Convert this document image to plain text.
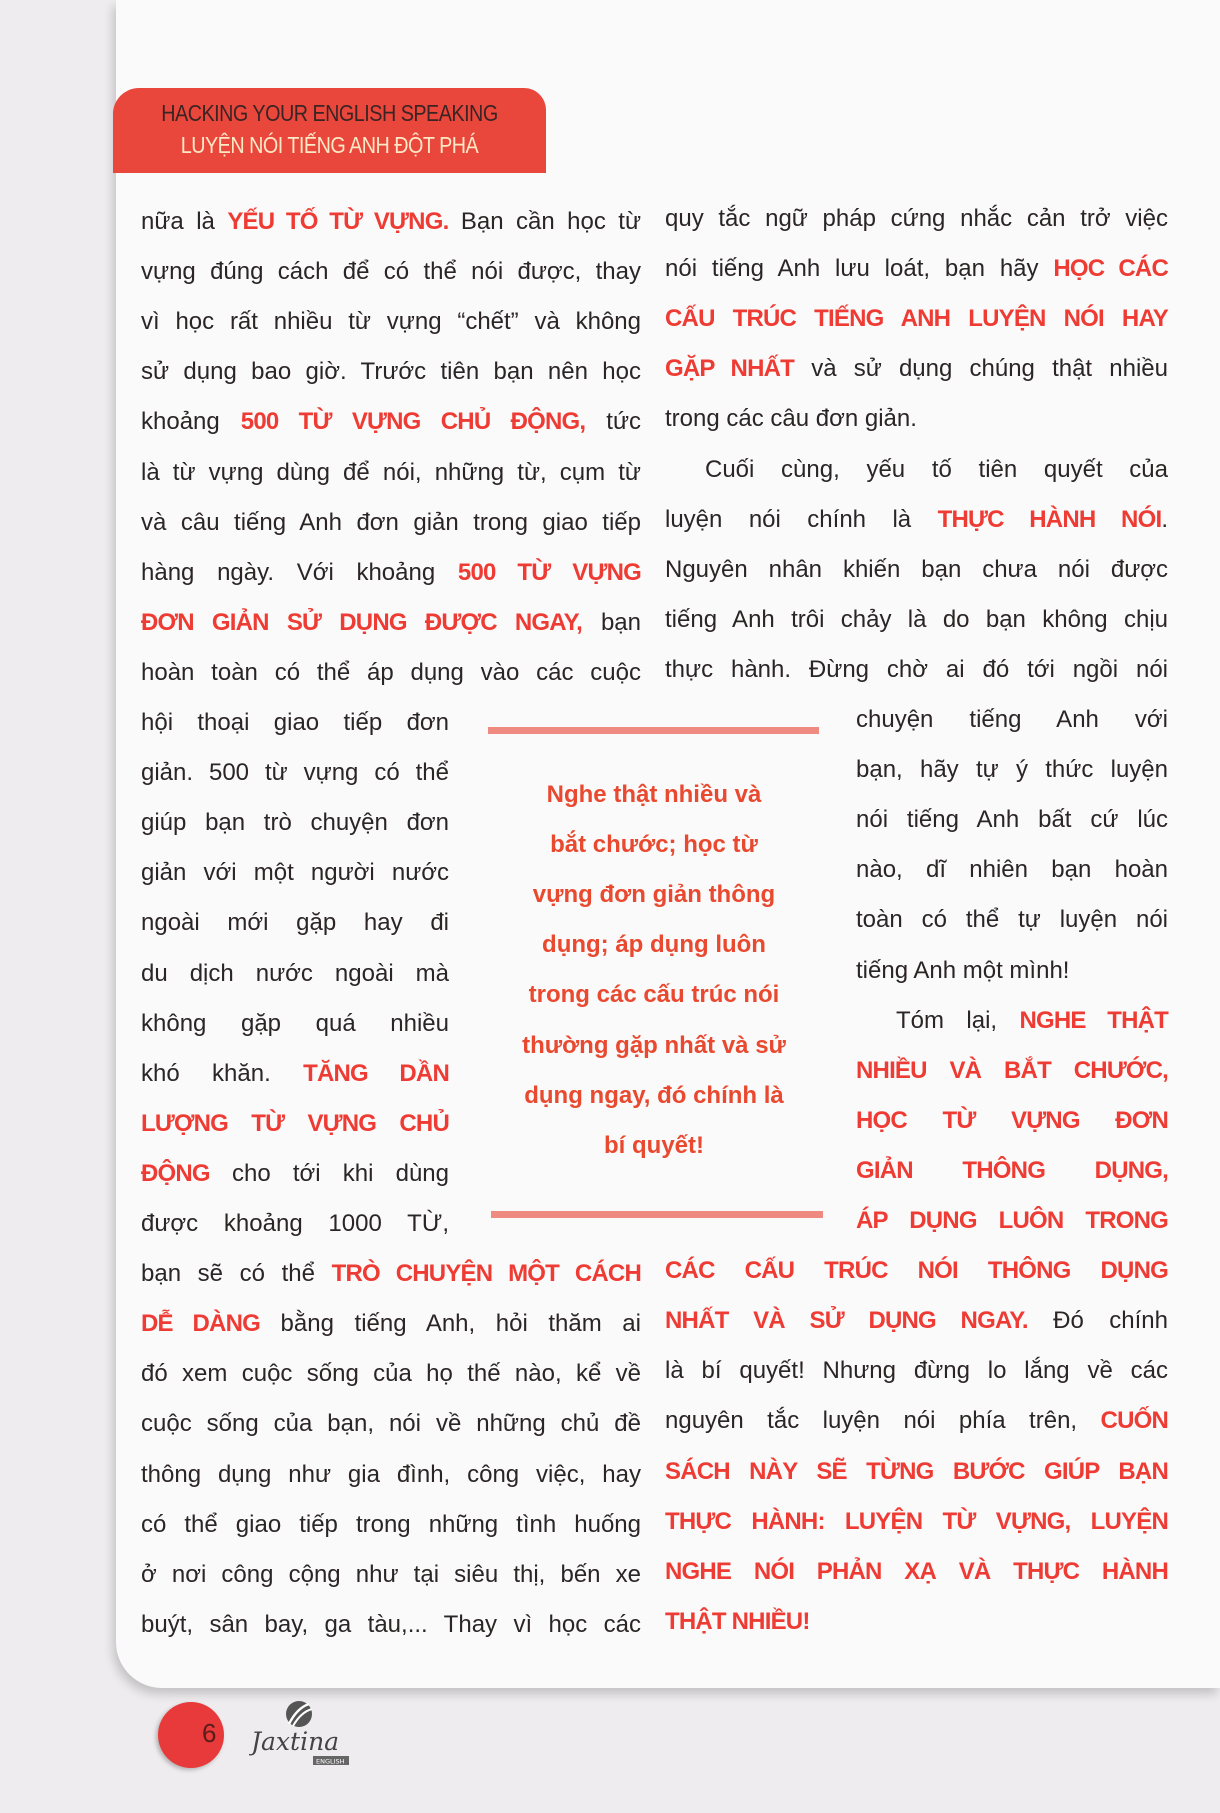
HACKING YOUR ENGLISH SPEAKING
LUYỆN NÓI TIẾNG ANH ĐỘT PHÁ
nữa là YẾU TỐ TỪ VỰNG. Bạn cần học từ
vựng đúng cách để có thể nói được, thay
vì học rất nhiều từ vựng “chết” và không
sử dụng bao giờ. Trước tiên bạn nên học
khoảng 500 TỪ VỰNG CHỦ ĐỘNG, tức
là từ vựng dùng để nói, những từ, cụm từ
và câu tiếng Anh đơn giản trong giao tiếp
hàng ngày. Với khoảng 500 TỪ VỰNG
ĐƠN GIẢN SỬ DỤNG ĐƯỢC NGAY, bạn
hoàn toàn có thể áp dụng vào các cuộc
hội thoại giao tiếp đơn
giản. 500 từ vựng có thể
giúp bạn trò chuyện đơn
giản với một người nước
ngoài mới gặp hay đi
du dịch nước ngoài mà
không gặp quá nhiều
khó khăn. TĂNG DẦN
LƯỢNG TỪ VỰNG CHỦ
ĐỘNG cho tới khi dùng
được khoảng 1000 TỪ,
bạn sẽ có thể TRÒ CHUYỆN MỘT CÁCH
DỄ DÀNG bằng tiếng Anh, hỏi thăm ai
đó xem cuộc sống của họ thế nào, kể về
cuộc sống của bạn, nói về những chủ đề
thông dụng như gia đình, công việc, hay
có thể giao tiếp trong những tình huống
ở nơi công cộng như tại siêu thị, bến xe
buýt, sân bay, ga tàu,... Thay vì học các
quy tắc ngữ pháp cứng nhắc cản trở việc
nói tiếng Anh lưu loát, bạn hãy HỌC CÁC
CẤU TRÚC TIẾNG ANH LUYỆN NÓI HAY
GẶP NHẤT và sử dụng chúng thật nhiều
trong các câu đơn giản.
Cuối cùng, yếu tố tiên quyết của
luyện nói chính là THỰC HÀNH NÓI.
Nguyên nhân khiến bạn chưa nói được
tiếng Anh trôi chảy là do bạn không chịu
thực hành. Đừng chờ ai đó tới ngồi nói
chuyện tiếng Anh với
bạn, hãy tự ý thức luyện
nói tiếng Anh bất cứ lúc
nào, dĩ nhiên bạn hoàn
toàn có thể tự luyện nói
tiếng Anh một mình!
Tóm lại, NGHE THẬT
NHIỀU VÀ BẮT CHƯỚC,
HỌC TỪ VỰNG ĐƠN
GIẢN THÔNG DỤNG,
ÁP DỤNG LUÔN TRONG
CÁC CẤU TRÚC NÓI THÔNG DỤNG
NHẤT VÀ SỬ DỤNG NGAY. Đó chính
là bí quyết! Nhưng đừng lo lắng về các
nguyên tắc luyện nói phía trên, CUỐN
SÁCH NÀY SẼ TỪNG BƯỚC GIÚP BẠN
THỰC HÀNH: LUYỆN TỪ VỰNG, LUYỆN
NGHE NÓI PHẢN XẠ VÀ THỰC HÀNH
THẬT NHIỀU!
Nghe thật nhiều và
bắt chước; học từ
vựng đơn giản thông
dụng; áp dụng luôn
trong các cấu trúc nói
thường gặp nhất và sử
dụng ngay, đó chính là
bí quyết!
6 Jaxtina
ENGLISH
